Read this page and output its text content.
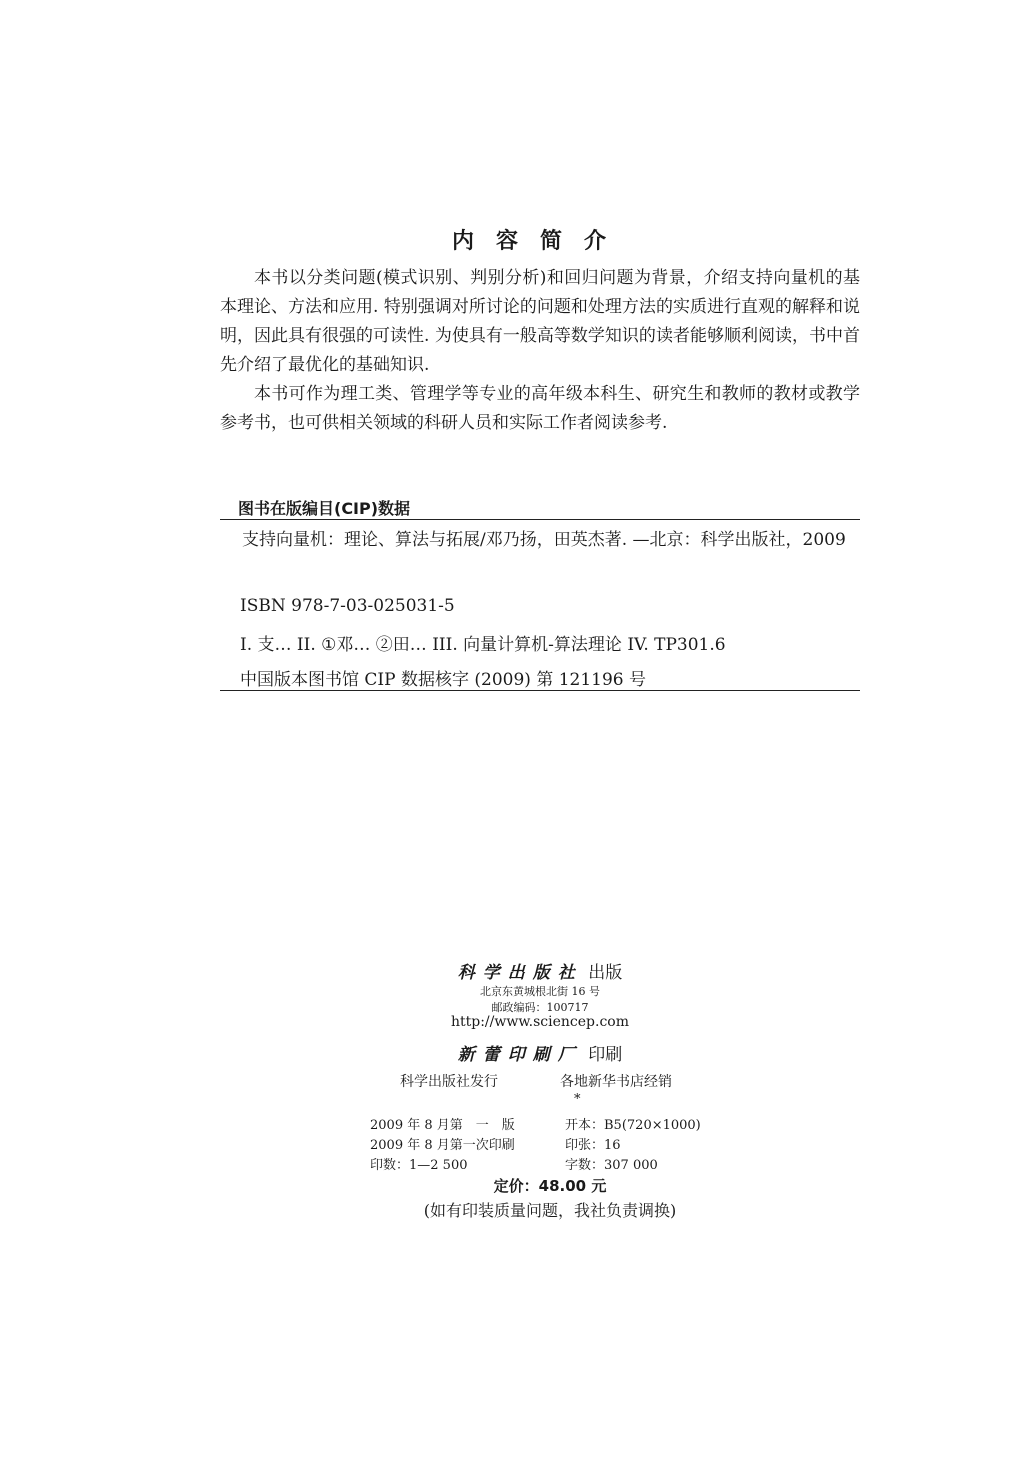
内容简介
本书以分类问题(模式识别、判别分析)和回归问题为背景，介绍支持向量机的基本理论、方法和应用. 特别强调对所讨论的问题和处理方法的实质进行直观的解释和说明，因此具有很强的可读性. 为使具有一般高等数学知识的读者能够顺利阅读，书中首先介绍了最优化的基础知识.
本书可作为理工类、管理学等专业的高年级本科生、研究生和教师的教材或教学参考书，也可供相关领域的科研人员和实际工作者阅读参考.
图书在版编目(CIP)数据
支持向量机：理论、算法与拓展/邓乃扬，田英杰著. —北京：科学出版社，2009
ISBN 978-7-03-025031-5
I. 支… II. ①邓… ②田… III. 向量计算机-算法理论 IV. TP301.6
中国版本图书馆 CIP 数据核字 (2009) 第 121196 号
科学出版社 出版
北京东黄城根北街 16 号
邮政编码：100717
http://www.sciencep.com
新蕾印刷厂 印刷
科学出版社发行	各地新华书店经销
*
2009 年 8 月第　一　版	开本：B5(720×1000)
2009 年 8 月第一次印刷	印张：16
印数：1—2 500	字数：307 000
定价：48.00 元
(如有印装质量问题，我社负责调换)
